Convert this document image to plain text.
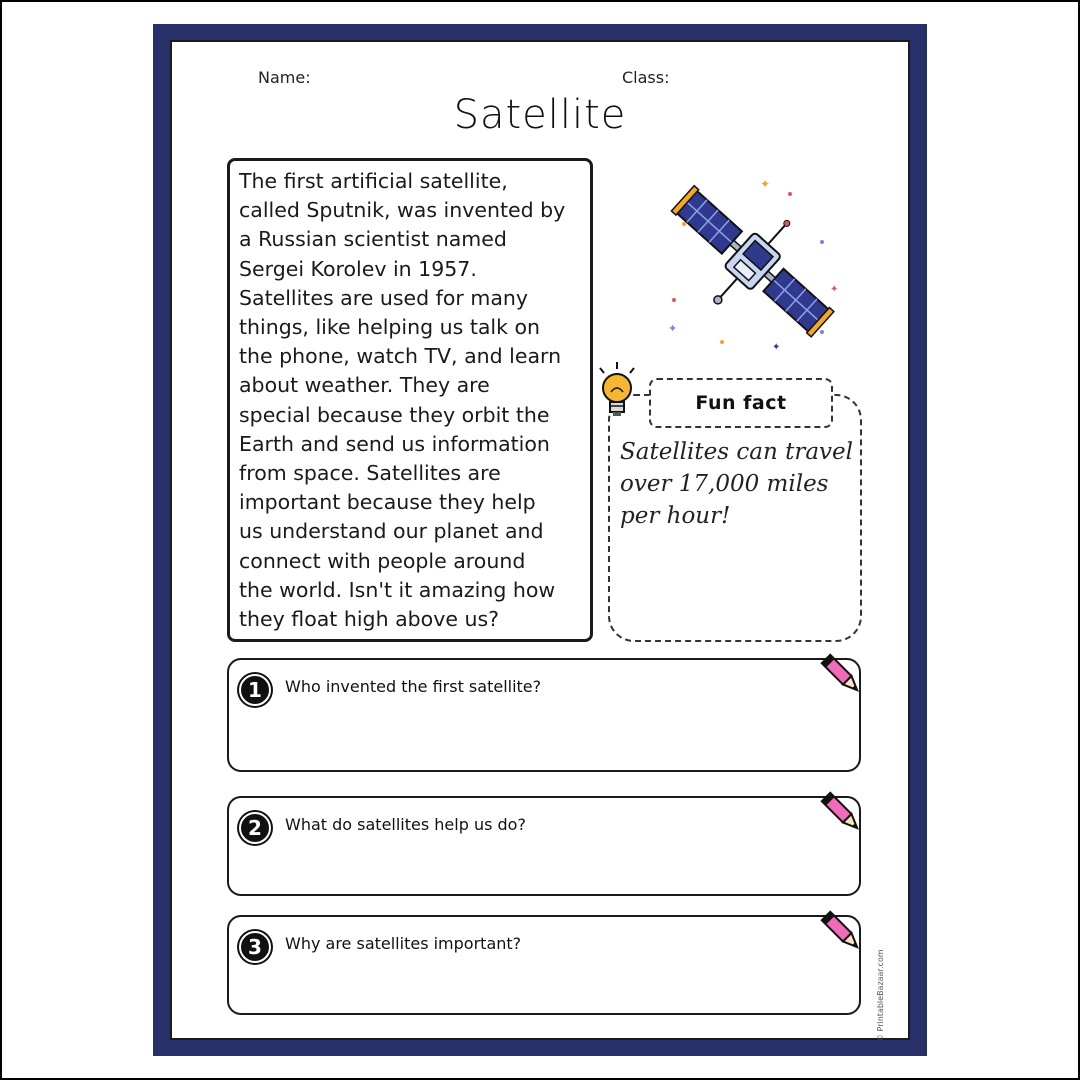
Name:	Class:
Satellite
The first artificial satellite,
called Sputnik, was invented by
a Russian scientist named
Sergei Korolev in 1957.
Satellites are used for many
things, like helping us talk on
the phone, watch TV, and learn
about weather. They are
special because they orbit the
Earth and send us information
from space. Satellites are
important because they help
us understand our planet and
connect with people around
the world. Isn't it amazing how
they float high above us?
✦
✦
✦
✦
Fun fact
Satellites can travel
over 17,000 miles
per hour!
1	Who invented the first satellite?
2	What do satellites help us do?
3	Why are satellites important?
© PrintableBazaar.com
